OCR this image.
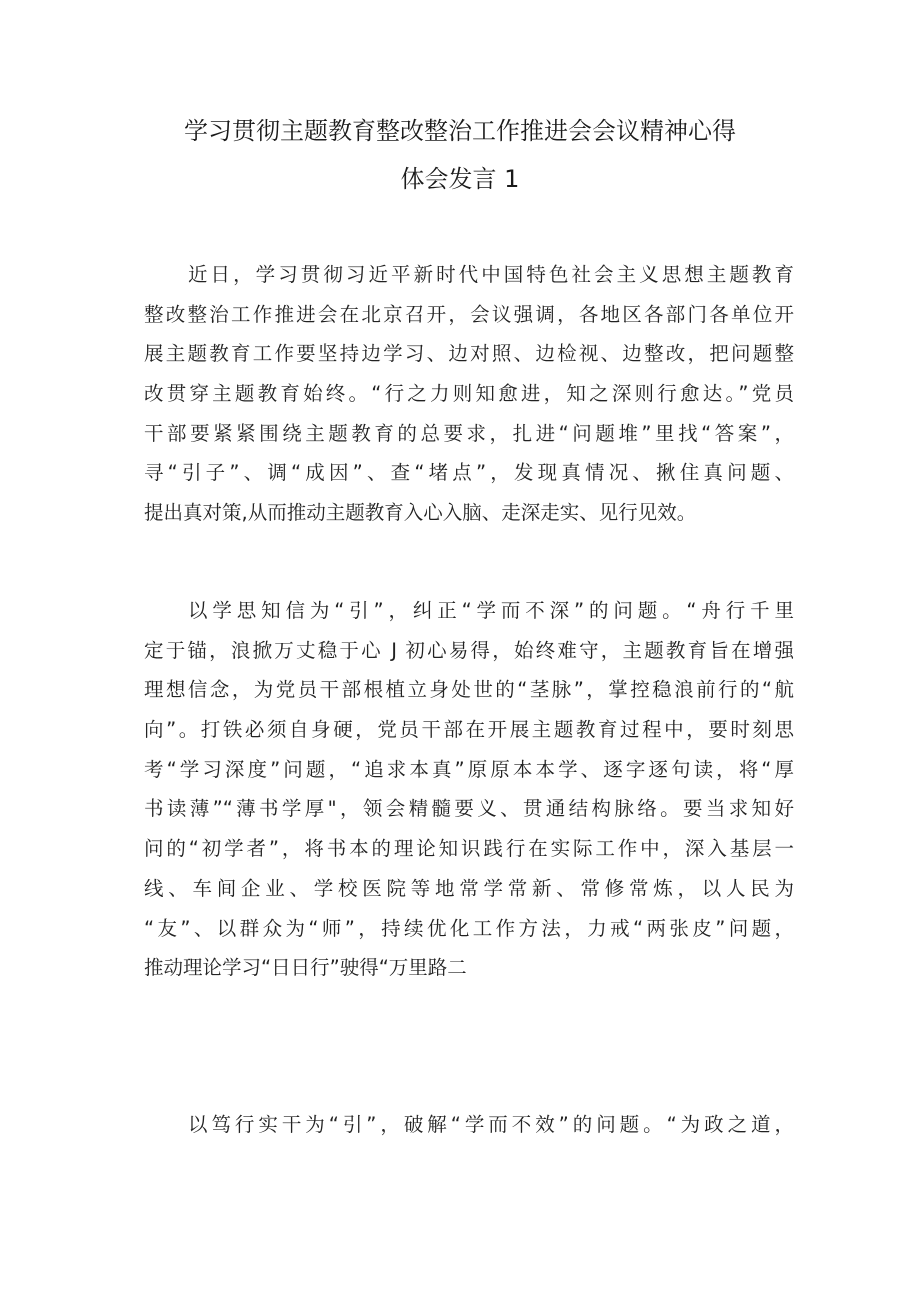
学习贯彻主题教育整改整治工作推进会会议精神心得
体会发言 1
近日，学习贯彻习近平新时代中国特色社会主义思想主题教育
整改整治工作推进会在北京召开，会议强调，各地区各部门各单位开
展主题教育工作要坚持边学习、边对照、边检视、边整改，把问题整
改贯穿主题教育始终。“行之力则知愈进，知之深则行愈达。”党员
干部要紧紧围绕主题教育的总要求，扎进“问题堆”里找“答案”，
寻“引子”、调“成因”、查“堵点”，发现真情况、揪住真问题、
提出真对策,从而推动主题教育入心入脑、走深走实、见行见效。
以学思知信为“引”，纠正“学而不深”的问题。“舟行千里
定于锚，浪掀万丈稳于心 J 初心易得，始终难守，主题教育旨在增强
理想信念，为党员干部根植立身处世的“茎脉”，掌控稳浪前行的“航
向”。打铁必须自身硬，党员干部在开展主题教育过程中，要时刻思
考“学习深度”问题，“追求本真”原原本本学、逐字逐句读，将“厚
书读薄”“薄书学厚"，领会精髓要义、贯通结构脉络。要当求知好
问的“初学者”，将书本的理论知识践行在实际工作中，深入基层一
线、车间企业、学校医院等地常学常新、常修常炼，以人民为
“友”、以群众为“师”，持续优化工作方法，力戒“两张皮”问题，
推动理论学习“日日行”驶得“万里路二
以笃行实干为“引”，破解“学而不效”的问题。“为政之道，
